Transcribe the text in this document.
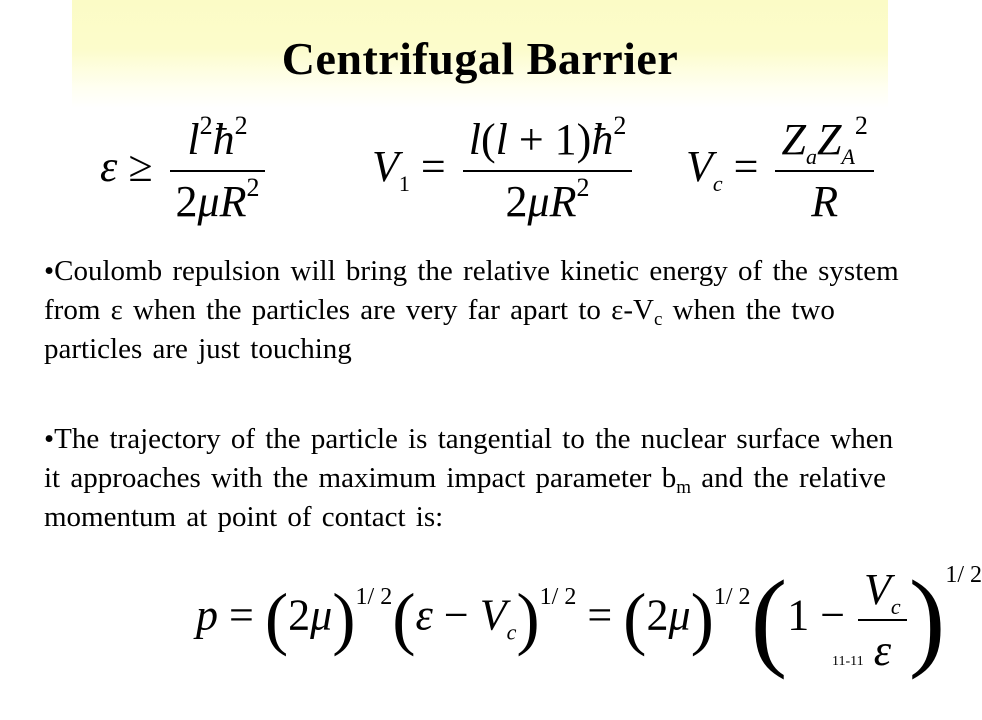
Centrifugal Barrier
$\varepsilon \ge \frac{l^2ħ^2}{2\mu R^2} V_1 = \frac{l(l + 1)ħ^2}{2\mu R^2} V_c = \frac{Z_aZ_A^2}{R}$
•Coulomb repulsion will bring the relative kinetic energy of the system from ε when the particles are very far apart to $\varepsilon-V_c$ when the two particles are just touching
•The trajectory of the particle is tangential to the nuclear surface when it approaches with the maximum impact parameter $b_m$ and the relative momentum at point of contact is:
$p = (2\mu)^{1/ 2}(\varepsilon - V_c)^{1/ 2} = (2\mu)^{1/ 2}(1 - \frac{V_c}{\varepsilon} )^{1/ 2}$
11-11
